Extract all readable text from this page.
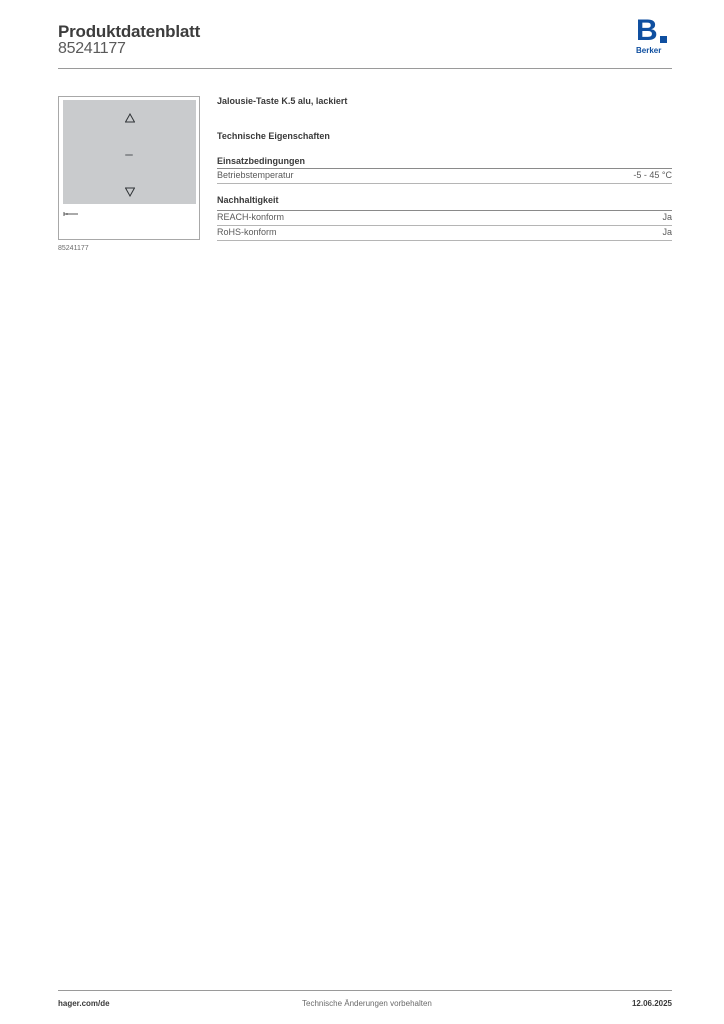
Produktdatenblatt
85241177
B
Berker
85241177
Jalousie-Taste K.5 alu, lackiert
Technische Eigenschaften
Einsatzbedingungen
Betriebstemperatur	-5 - 45 °C
Nachhaltigkeit
REACH-konform	Ja
RoHS-konform	Ja
hager.com/de	Technische Änderungen vorbehalten	12.06.2025
